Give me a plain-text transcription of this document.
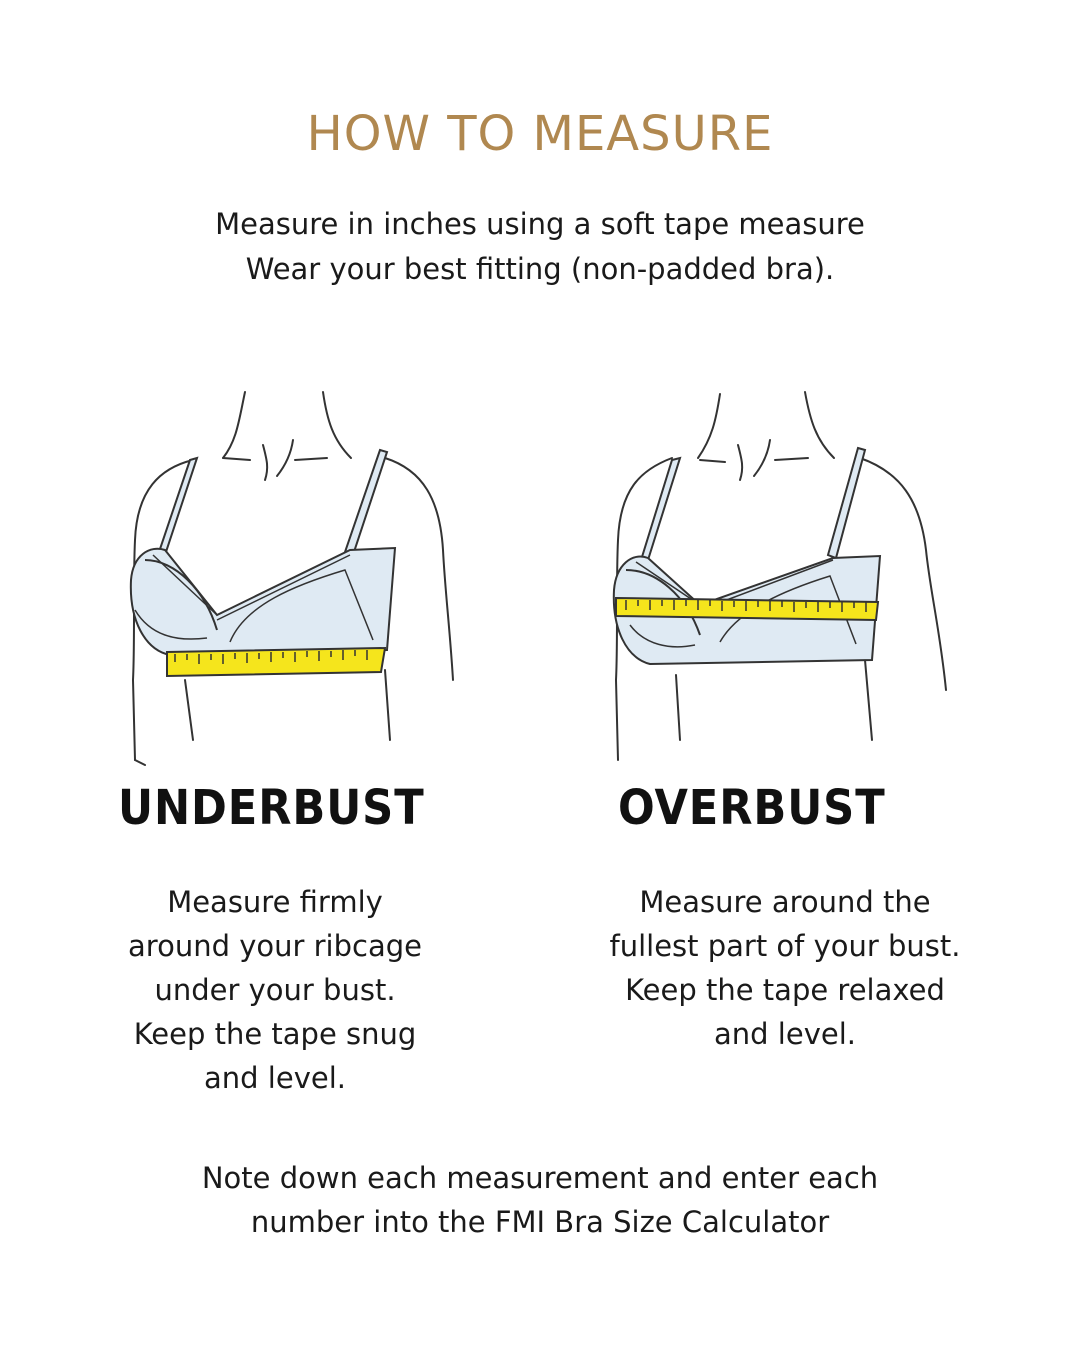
HOW TO MEASURE
Measure in inches using a soft tape measure
Wear your best fitting (non-padded bra).
UNDERBUST	OVERBUST
Measure firmly
around your ribcage
under your bust.
Keep the tape snug
and level.
Measure around the
fullest part of your bust.
Keep the tape relaxed
and level.
Note down each measurement and enter each
number into the FMI Bra Size Calculator
